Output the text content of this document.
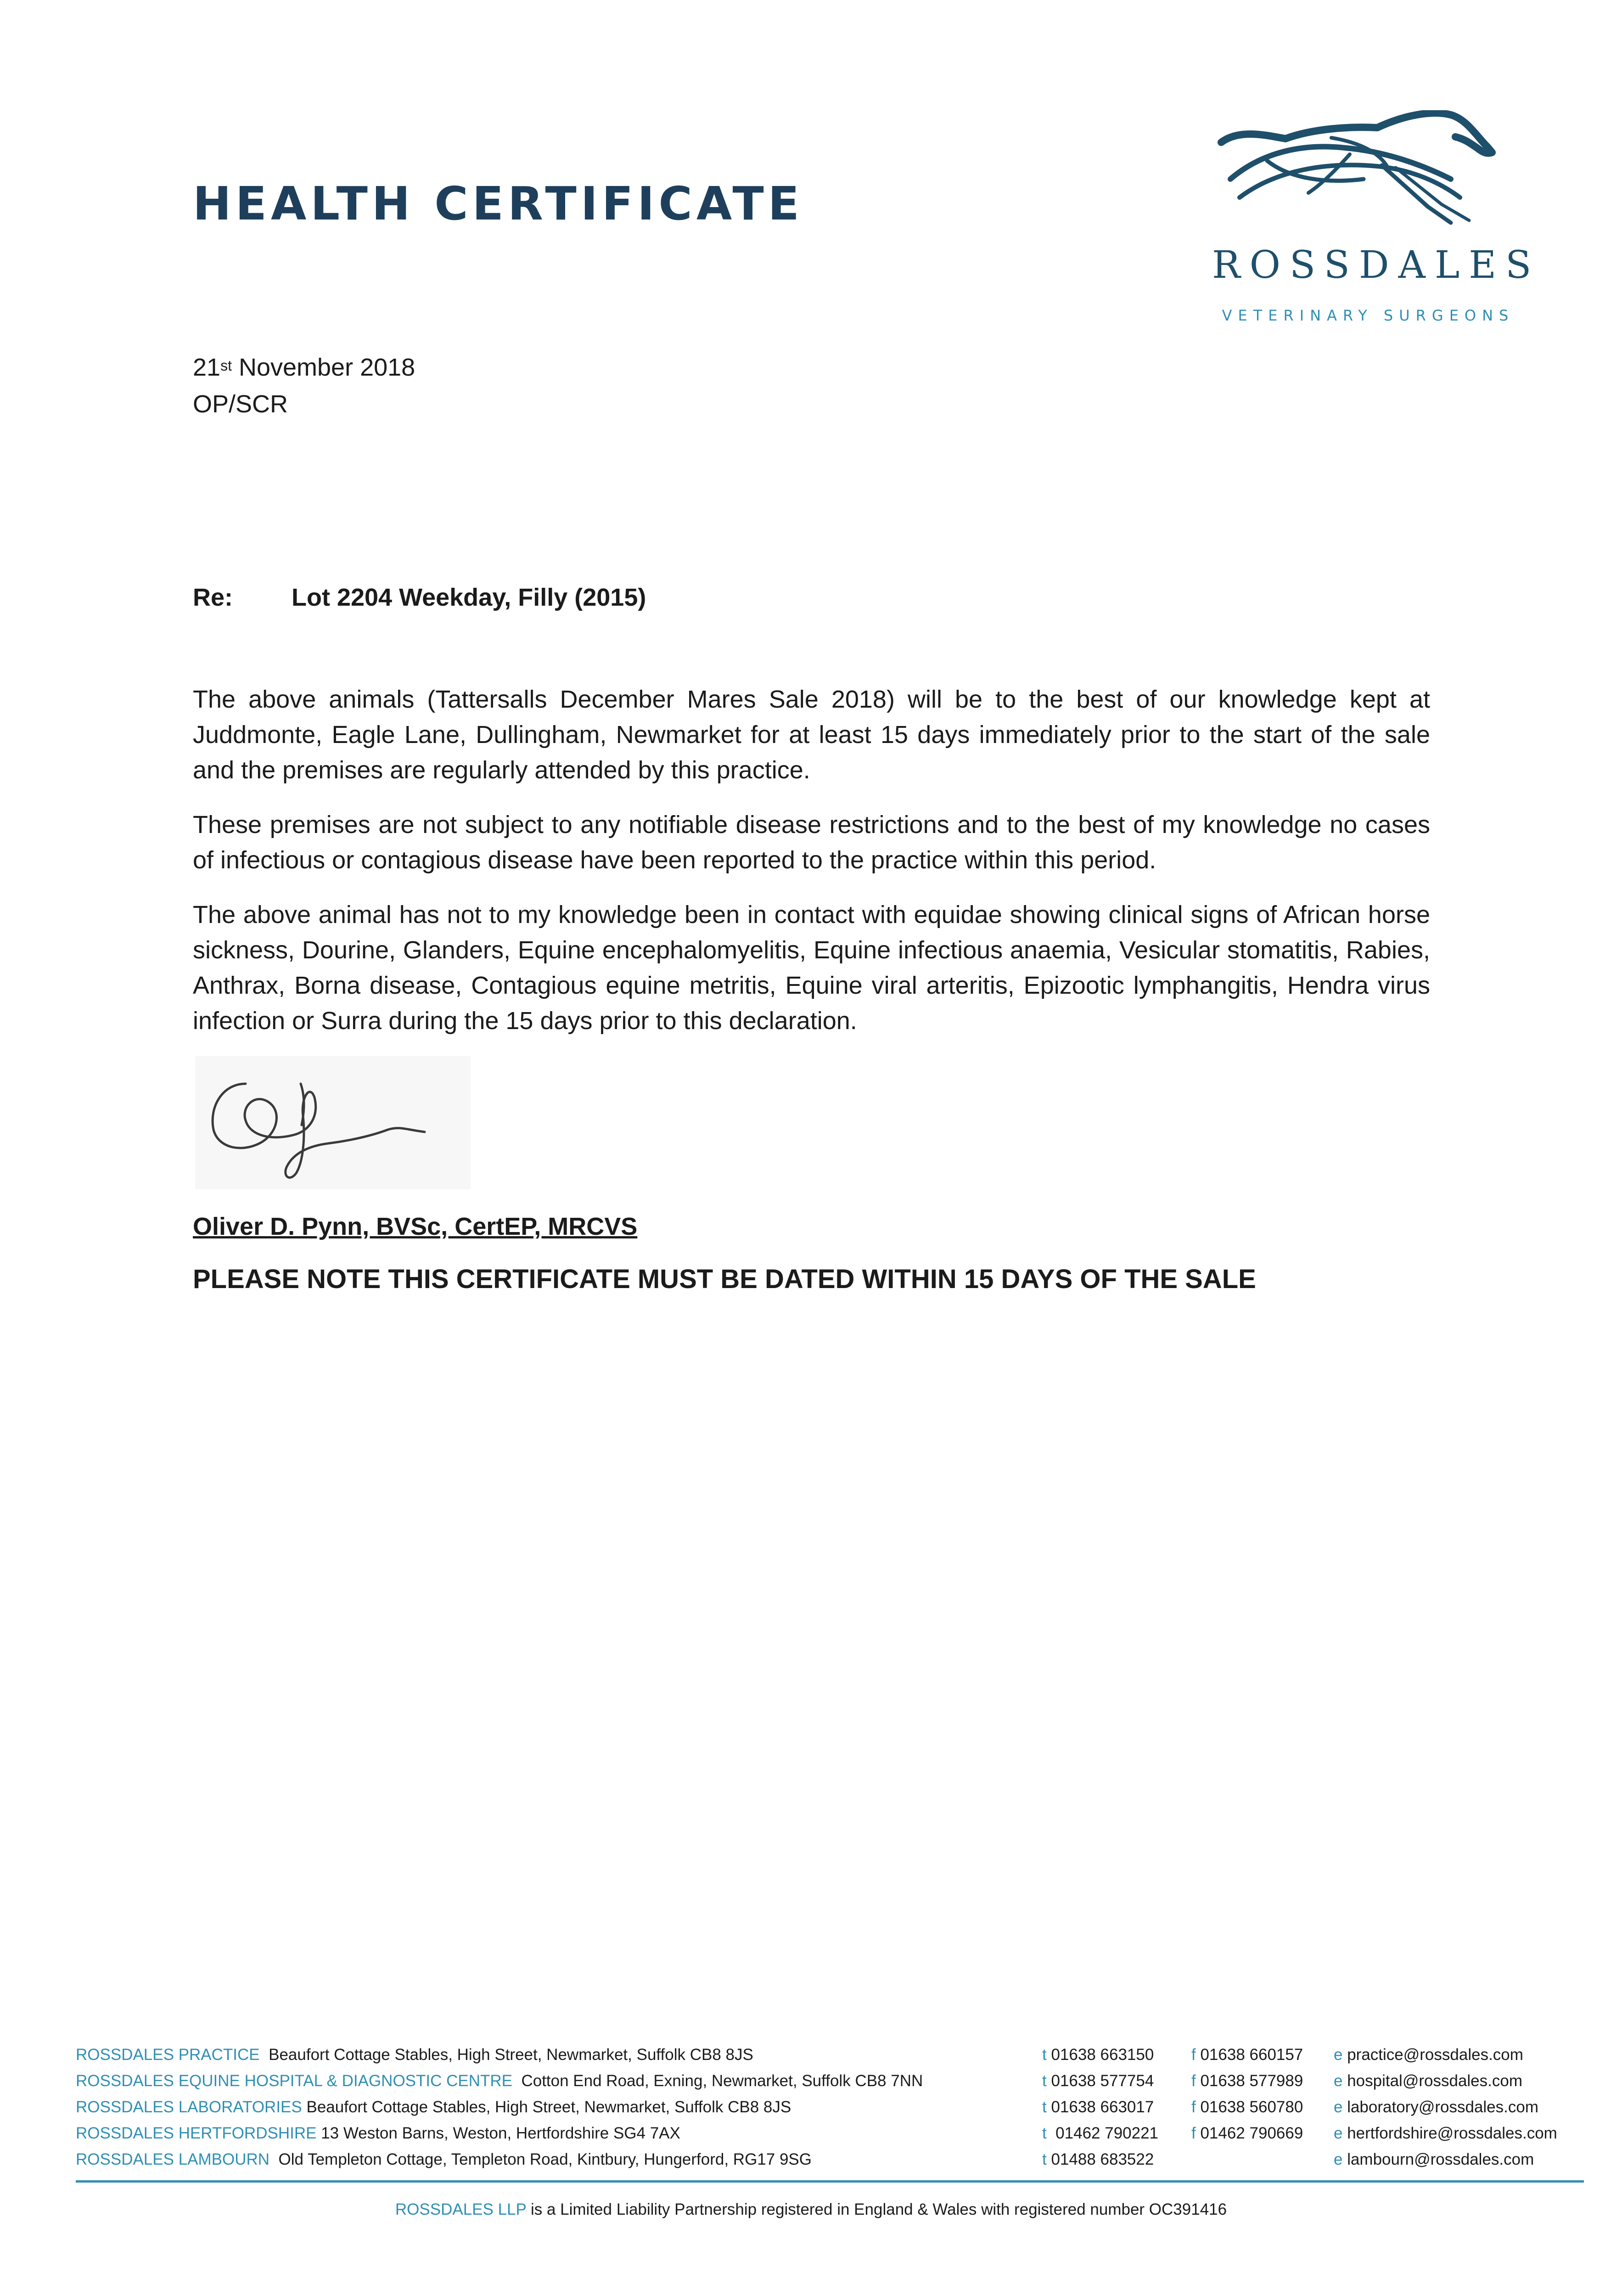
HEALTH CERTIFICATE
ROSSDALES
VETERINARY SURGEONS
21st November 2018
OP/SCR
Re: Lot 2204 Weekday, Filly (2015)

The above animals (Tattersalls December Mares Sale 2018) will be to the best of our knowledge kept at Juddmonte, Eagle Lane, Dullingham, Newmarket for at least 15 days immediately prior to the start of the sale and the premises are regularly attended by this practice.

These premises are not subject to any notifiable disease restrictions and to the best of my knowledge no cases of infectious or contagious disease have been reported to the practice within this period.

The above animal has not to my knowledge been in contact with equidae showing clinical signs of African horse sickness, Dourine, Glanders, Equine encephalomyelitis, Equine infectious anaemia, Vesicular stomatitis, Rabies, Anthrax, Borna disease, Contagious equine metritis, Equine viral arteritis, Epizootic lymphangitis, Hendra virus infection or Surra during the 15 days prior to this declaration.

Oliver D. Pynn, BVSc, CertEP, MRCVS
PLEASE NOTE THIS CERTIFICATE MUST BE DATED WITHIN 15 DAYS OF THE SALE
ROSSDALES PRACTICE  Beaufort Cottage Stables, High Street, Newmarket, Suffolk CB8 8JS	t 01638 663150 f 01638 660157 e practice@rossdales.com
ROSSDALES EQUINE HOSPITAL & DIAGNOSTIC CENTRE  Cotton End Road, Exning, Newmarket, Suffolk CB8 7NN	t 01638 577754 f 01638 577989 e hospital@rossdales.com
ROSSDALES LABORATORIES Beaufort Cottage Stables, High Street, Newmarket, Suffolk CB8 8JS	t 01638 663017 f 01638 560780 e laboratory@rossdales.com
ROSSDALES HERTFORDSHIRE 13 Weston Barns, Weston, Hertfordshire SG4 7AX	t  01462 790221 f 01462 790669 e hertfordshire@rossdales.com
ROSSDALES LAMBOURN  Old Templeton Cottage, Templeton Road, Kintbury, Hungerford, RG17 9SG	t 01488 683522	e lambourn@rossdales.com
ROSSDALES LLP is a Limited Liability Partnership registered in England & Wales with registered number OC391416
